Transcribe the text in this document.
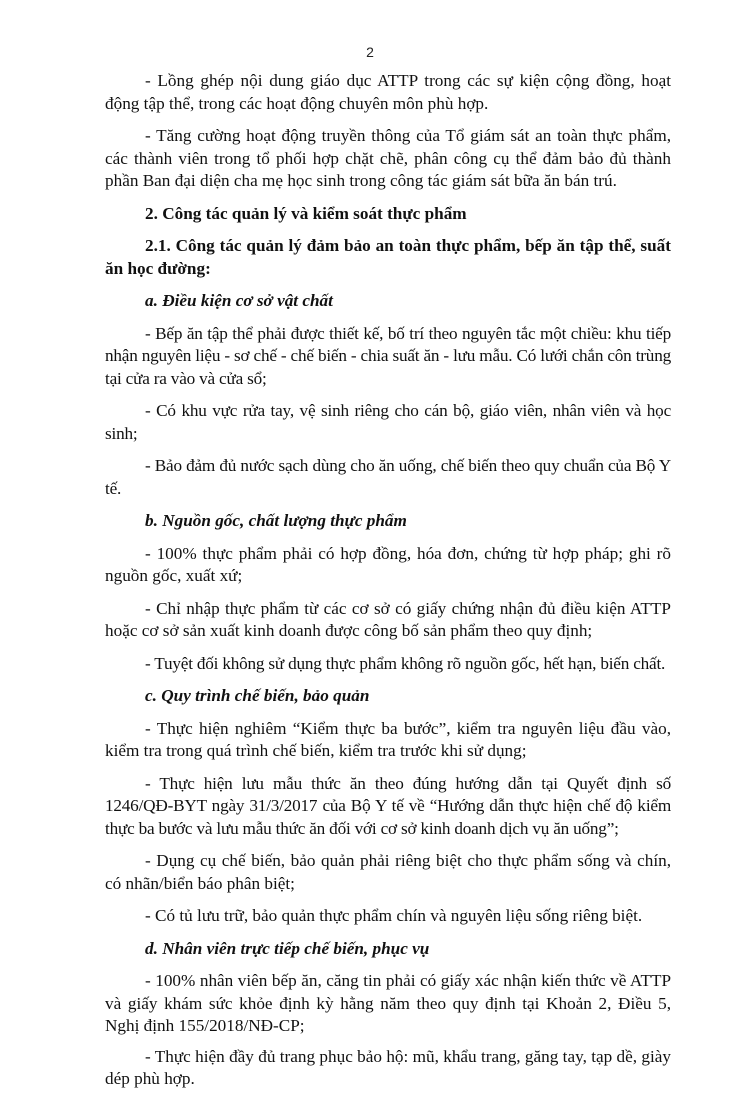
2

- Lồng ghép nội dung giáo dục ATTP trong các sự kiện cộng đồng, hoạt động tập thể, trong các hoạt động chuyên môn phù hợp.

- Tăng cường hoạt động truyền thông của Tổ giám sát an toàn thực phẩm, các thành viên trong tổ phối hợp chặt chẽ, phân công cụ thể đảm bảo đủ thành phần Ban đại diện cha mẹ học sinh trong công tác giám sát bữa ăn bán trú.

2. Công tác quản lý và kiểm soát thực phẩm

2.1. Công tác quản lý đảm bảo an toàn thực phẩm, bếp ăn tập thể, suất ăn học đường:

a. Điều kiện cơ sở vật chất

- Bếp ăn tập thể phải được thiết kế, bố trí theo nguyên tắc một chiều: khu tiếp nhận nguyên liệu - sơ chế - chế biến - chia suất ăn - lưu mẫu. Có lưới chắn côn trùng tại cửa ra vào và cửa sổ;

- Có khu vực rửa tay, vệ sinh riêng cho cán bộ, giáo viên, nhân viên và học sinh;

- Bảo đảm đủ nước sạch dùng cho ăn uống, chế biến theo quy chuẩn của Bộ Y tế.

b. Nguồn gốc, chất lượng thực phẩm

- 100% thực phẩm phải có hợp đồng, hóa đơn, chứng từ hợp pháp; ghi rõ nguồn gốc, xuất xứ;

- Chỉ nhập thực phẩm từ các cơ sở có giấy chứng nhận đủ điều kiện ATTP hoặc cơ sở sản xuất kinh doanh được công bố sản phẩm theo quy định;

- Tuyệt đối không sử dụng thực phẩm không rõ nguồn gốc, hết hạn, biến chất.

c. Quy trình chế biến, bảo quản

- Thực hiện nghiêm “Kiểm thực ba bước”, kiểm tra nguyên liệu đầu vào, kiểm tra trong quá trình chế biến, kiểm tra trước khi sử dụng;

- Thực hiện lưu mẫu thức ăn theo đúng hướng dẫn tại Quyết định số 1246/QĐ-BYT ngày 31/3/2017 của Bộ Y tế về “Hướng dẫn thực hiện chế độ kiểm thực ba bước và lưu mẫu thức ăn đối với cơ sở kinh doanh dịch vụ ăn uống”;

- Dụng cụ chế biến, bảo quản phải riêng biệt cho thực phẩm sống và chín, có nhãn/biển báo phân biệt;

- Có tủ lưu trữ, bảo quản thực phẩm chín và nguyên liệu sống riêng biệt.

d. Nhân viên trực tiếp chế biến, phục vụ

- 100% nhân viên bếp ăn, căng tin phải có giấy xác nhận kiến thức về ATTP và giấy khám sức khỏe định kỳ hằng năm theo quy định tại Khoản 2, Điều 5, Nghị định 155/2018/NĐ-CP;

- Thực hiện đầy đủ trang phục bảo hộ: mũ, khẩu trang, găng tay, tạp dề, giày dép phù hợp.
